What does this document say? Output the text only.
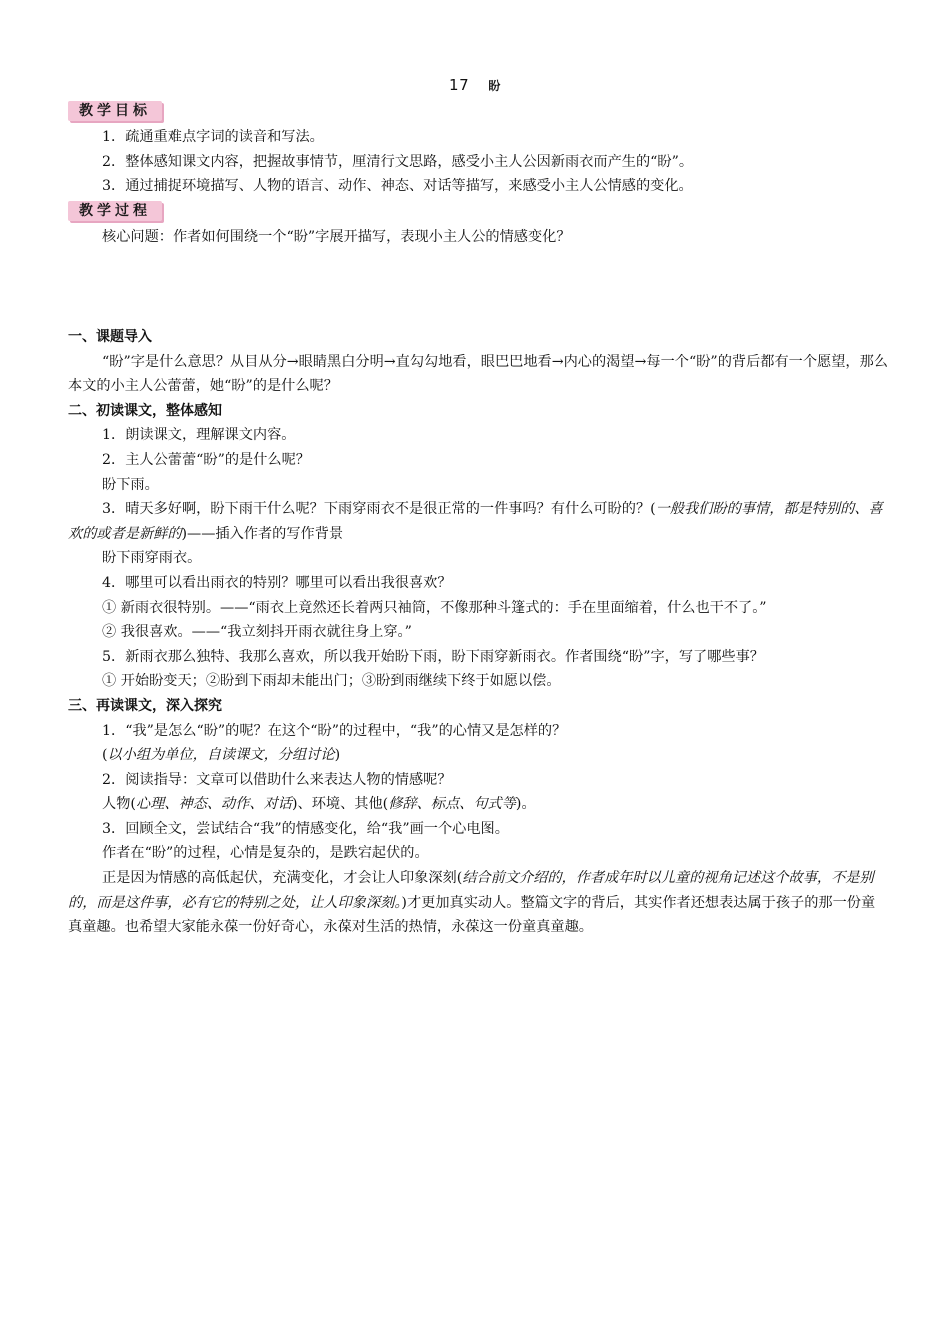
17 盼
教学目标

1．疏通重难点字词的读音和写法。

2．整体感知课文内容，把握故事情节，厘清行文思路，感受小主人公因新雨衣而产生的“盼”。

3．通过捕捉环境描写、人物的语言、动作、神态、对话等描写，来感受小主人公情感的变化。

教学过程

核心问题：作者如何围绕一个“盼”字展开描写，表现小主人公的情感变化？

一、课题导入

“盼”字是什么意思？从目从分→眼睛黑白分明→直勾勾地看，眼巴巴地看→内心的渴望→每一个“盼”的背后都有一个愿望，那么本文的小主人公蕾蕾，她“盼”的是什么呢？

二、初读课文，整体感知

1．朗读课文，理解课文内容。

2．主人公蕾蕾“盼”的是什么呢？

盼下雨。

3．晴天多好啊，盼下雨干什么呢？下雨穿雨衣不是很正常的一件事吗？有什么可盼的？(一般我们盼的事情，都是特别的、喜欢的或者是新鲜的)——插入作者的写作背景

盼下雨穿雨衣。

4．哪里可以看出雨衣的特别？哪里可以看出我很喜欢？

① 新雨衣很特别。——“雨衣上竟然还长着两只袖筒，不像那种斗篷式的：手在里面缩着，什么也干不了。”

② 我很喜欢。——“我立刻抖开雨衣就往身上穿。”

5．新雨衣那么独特、我那么喜欢，所以我开始盼下雨，盼下雨穿新雨衣。作者围绕“盼”字，写了哪些事？

① 开始盼变天；②盼到下雨却未能出门；③盼到雨继续下终于如愿以偿。

三、再读课文，深入探究

1．“我”是怎么“盼”的呢？在这个“盼”的过程中，“我”的心情又是怎样的？

(以小组为单位，自读课文，分组讨论)

2．阅读指导：文章可以借助什么来表达人物的情感呢？

人物(心理、神态、动作、对话)、环境、其他(修辞、标点、句式等)。

3．回顾全文，尝试结合“我”的情感变化，给“我”画一个心电图。

作者在“盼”的过程，心情是复杂的，是跌宕起伏的。

正是因为情感的高低起伏，充满变化，才会让人印象深刻(结合前文介绍的，作者成年时以儿童的视角记述这个故事，不是别的，而是这件事，必有它的特别之处，让人印象深刻。)才更加真实动人。整篇文字的背后，其实作者还想表达属于孩子的那一份童真童趣。也希望大家能永葆一份好奇心，永葆对生活的热情，永葆这一份童真童趣。
